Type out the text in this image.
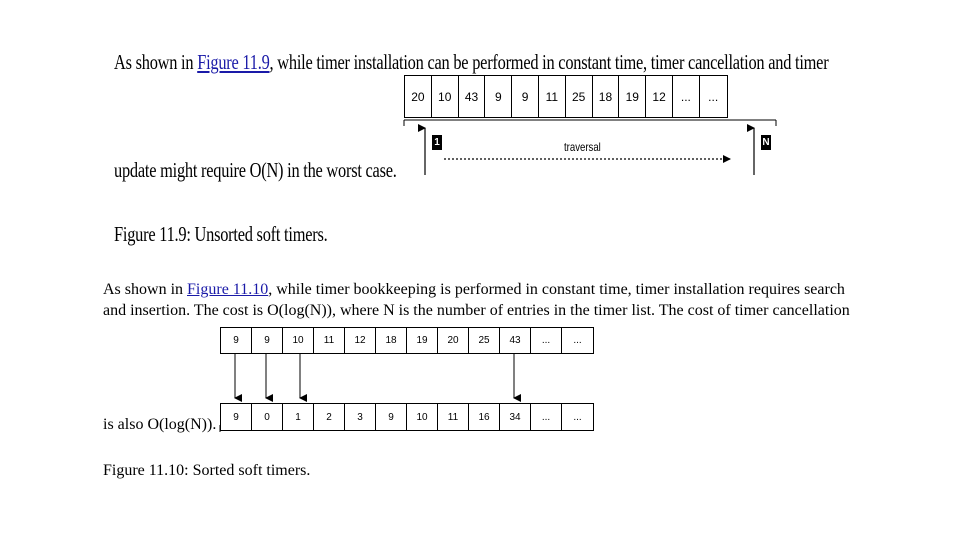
As shown in Figure 11.9, while timer installation can be performed in constant time, timer cancellation and timer
20	10	43	9	9	11	25	18	19	12	...	...
update might require O(N) in the worst case.
1	N
traversal
Figure 11.9: Unsorted soft timers.
As shown in Figure 11.10, while timer bookkeeping is performed in constant time, timer installation requires search
and insertion. The cost is O(log(N)), where N is the number of entries in the timer list. The cost of timer cancellation
9	9	10	11	12	18	19	20	25	43	...	...
9	0	1	2	3	9	10	11	16	34	...	...
is also O(log(N)).
Figure 11.10: Sorted soft timers.
